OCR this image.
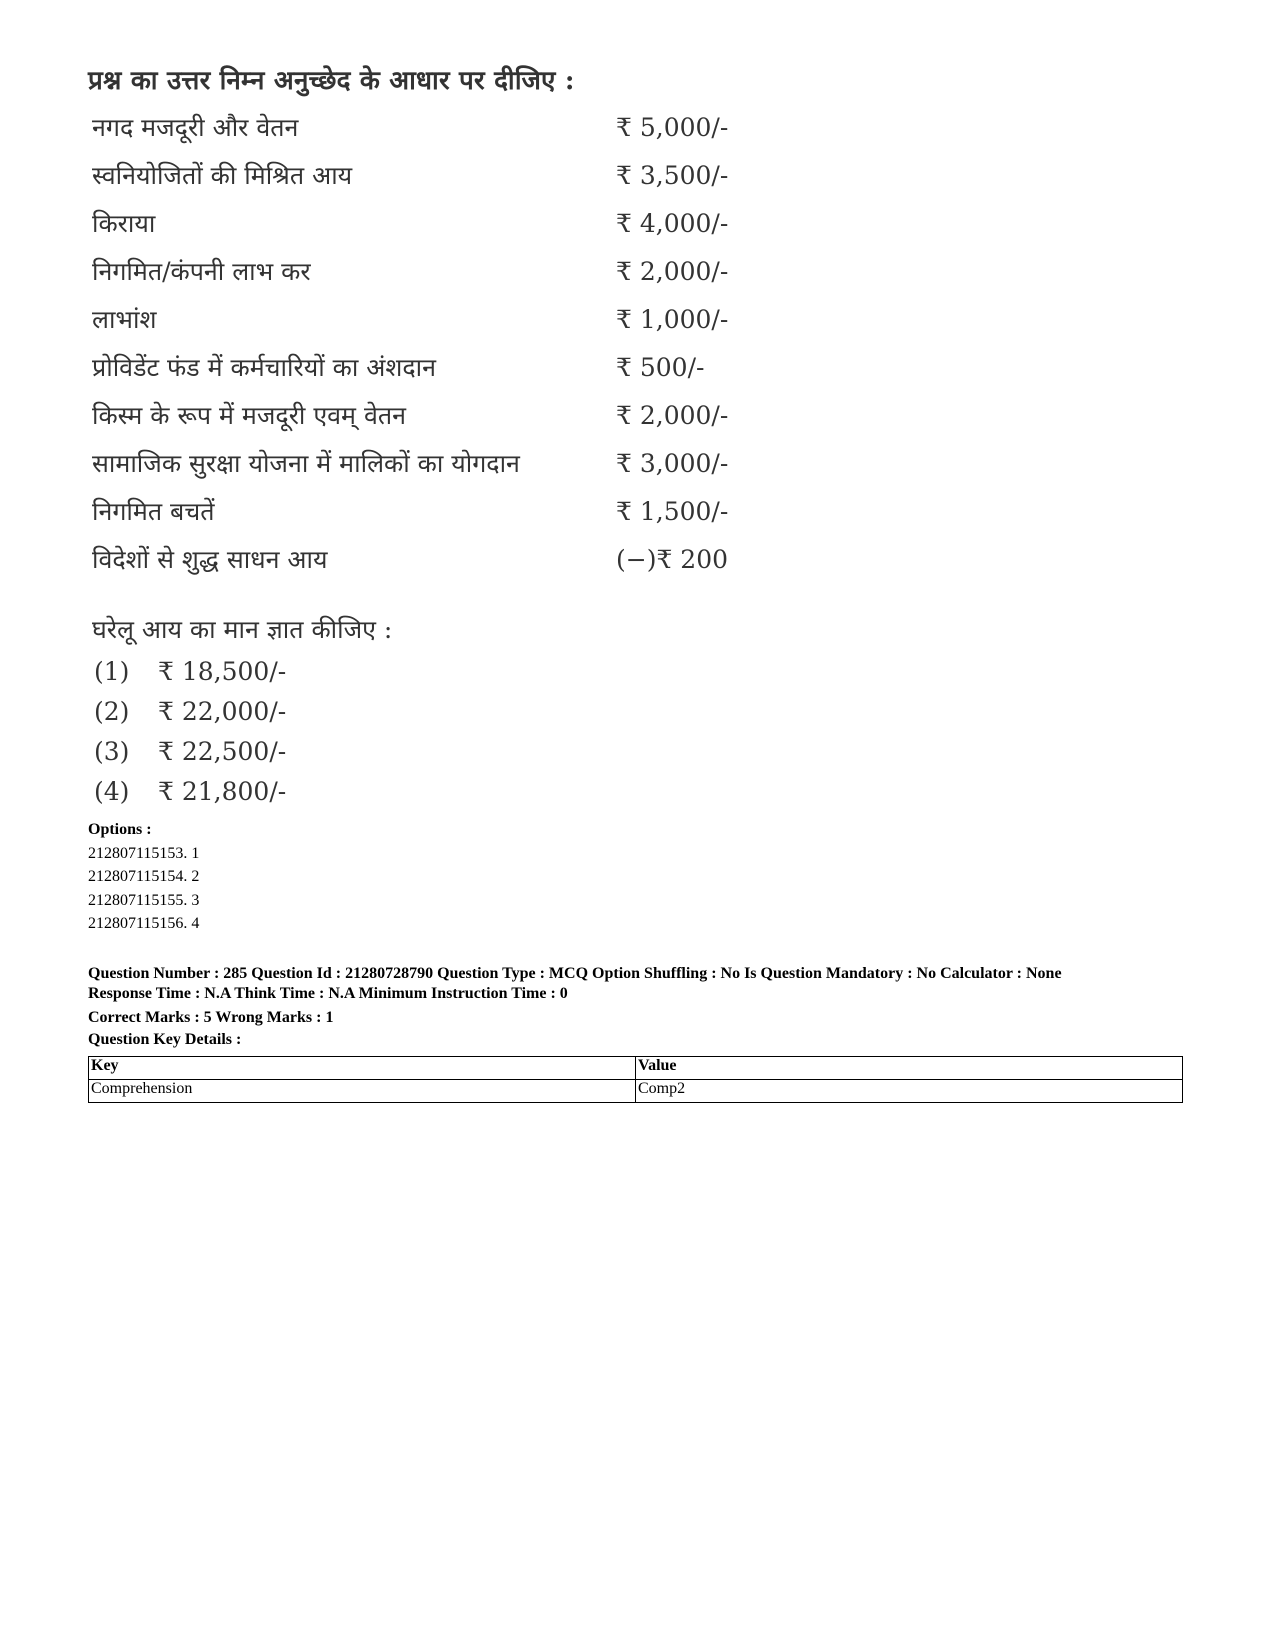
प्रश्न का उत्तर निम्न अनुच्छेद के आधार पर दीजिए :
नगद मजदूरी और वेतन	₹ 5,000/-
स्वनियोजितों की मिश्रित आय	₹ 3,500/-
किराया	₹ 4,000/-
निगमित/कंपनी लाभ कर	₹ 2,000/-
लाभांश	₹ 1,000/-
प्रोविडेंट फंड में कर्मचारियों का अंशदान	₹ 500/-
किस्म के रूप में मजदूरी एवम् वेतन	₹ 2,000/-
सामाजिक सुरक्षा योजना में मालिकों का योगदान	₹ 3,000/-
निगमित बचतें	₹ 1,500/-
विदेशों से शुद्ध साधन आय	(−)₹ 200
घरेलू आय का मान ज्ञात कीजिए :
(1) ₹ 18,500/-
(2) ₹ 22,000/-
(3) ₹ 22,500/-
(4) ₹ 21,800/-
Options :
212807115153. 1
212807115154. 2
212807115155. 3
212807115156. 4
Question Number : 285 Question Id : 21280728790 Question Type : MCQ Option Shuffling : No Is Question Mandatory : No Calculator : None
Response Time : N.A Think Time : N.A Minimum Instruction Time : 0
Correct Marks : 5 Wrong Marks : 1
Question Key Details :
Key	Value
Comprehension	Comp2
